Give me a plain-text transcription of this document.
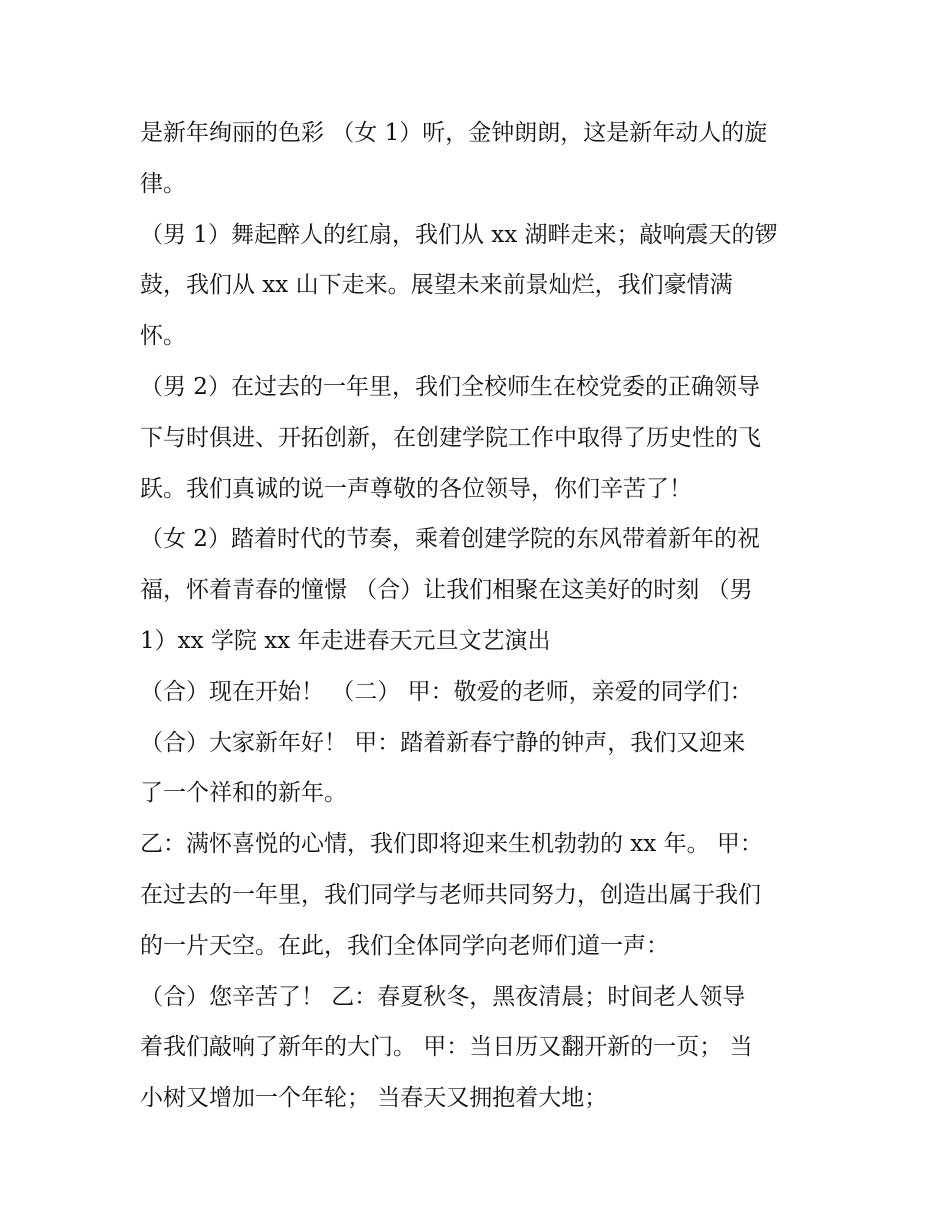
是新年绚丽的色彩 （女 1）听，金钟朗朗，这是新年动人的旋
律。
（男 1）舞起醉人的红扇，我们从 xx 湖畔走来；敲响震天的锣
鼓，我们从 xx 山下走来。展望未来前景灿烂，我们豪情满
怀。
（男 2）在过去的一年里，我们全校师生在校党委的正确领导
下与时俱进、开拓创新，在创建学院工作中取得了历史性的飞
跃。我们真诚的说一声尊敬的各位领导，你们辛苦了！
（女 2）踏着时代的节奏，乘着创建学院的东风带着新年的祝
福，怀着青春的憧憬 （合）让我们相聚在这美好的时刻 （男
1）xx 学院 xx 年走进春天元旦文艺演出
（合）现在开始！ （二） 甲：敬爱的老师，亲爱的同学们：
（合）大家新年好！ 甲：踏着新春宁静的钟声，我们又迎来
了一个祥和的新年。
乙：满怀喜悦的心情，我们即将迎来生机勃勃的 xx 年。 甲：
在过去的一年里，我们同学与老师共同努力，创造出属于我们
的一片天空。在此，我们全体同学向老师们道一声：
（合）您辛苦了！ 乙：春夏秋冬，黑夜清晨；时间老人领导
着我们敲响了新年的大门。 甲：当日历又翻开新的一页； 当
小树又增加一个年轮； 当春天又拥抱着大地；
